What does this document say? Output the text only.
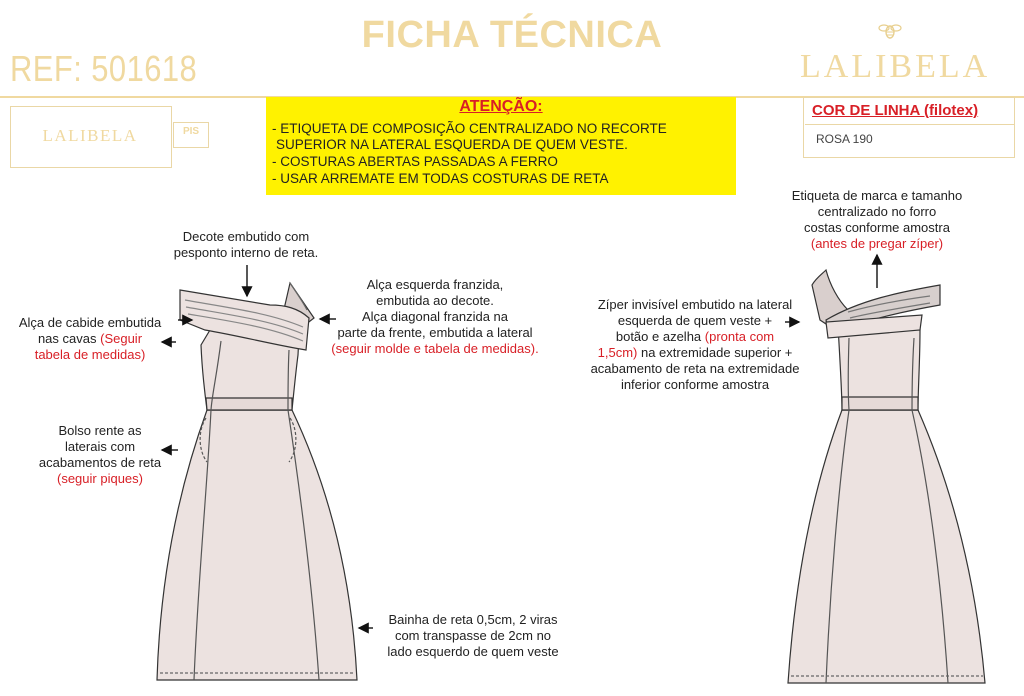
FICHA TÉCNICA
REF: 501618	LALIBELA
LALIBELA	PIS
ATENÇÃO:
- ETIQUETA DE COMPOSIÇÃO CENTRALIZADO NO RECORTE
SUPERIOR NA LATERAL ESQUERDA DE QUEM VESTE.
- COSTURAS ABERTAS PASSADAS A FERRO
- USAR ARREMATE EM TODAS COSTURAS DE RETA
COR DE LINHA (filotex)
ROSA 190
Decote embutido com
pesponto interno de reta.
Alça esquerda franzida,
embutida ao decote.
Alça diagonal franzida na
parte da frente, embutida a lateral
(seguir molde e tabela de medidas).
Alça de cabide embutida
nas cavas (Seguir
tabela de medidas)
Bolso rente as
laterais com
acabamentos de reta
(seguir piques)
Bainha de reta 0,5cm, 2 viras
com transpasse de 2cm no
lado esquerdo de quem veste
Etiqueta de marca e tamanho
centralizado no forro
costas conforme amostra
(antes de pregar zíper)
Zíper invisível embutido na lateral
esquerda de quem veste +
botão e azelha (pronta com
1,5cm) na extremidade superior +
acabamento de reta na extremidade
inferior conforme amostra
